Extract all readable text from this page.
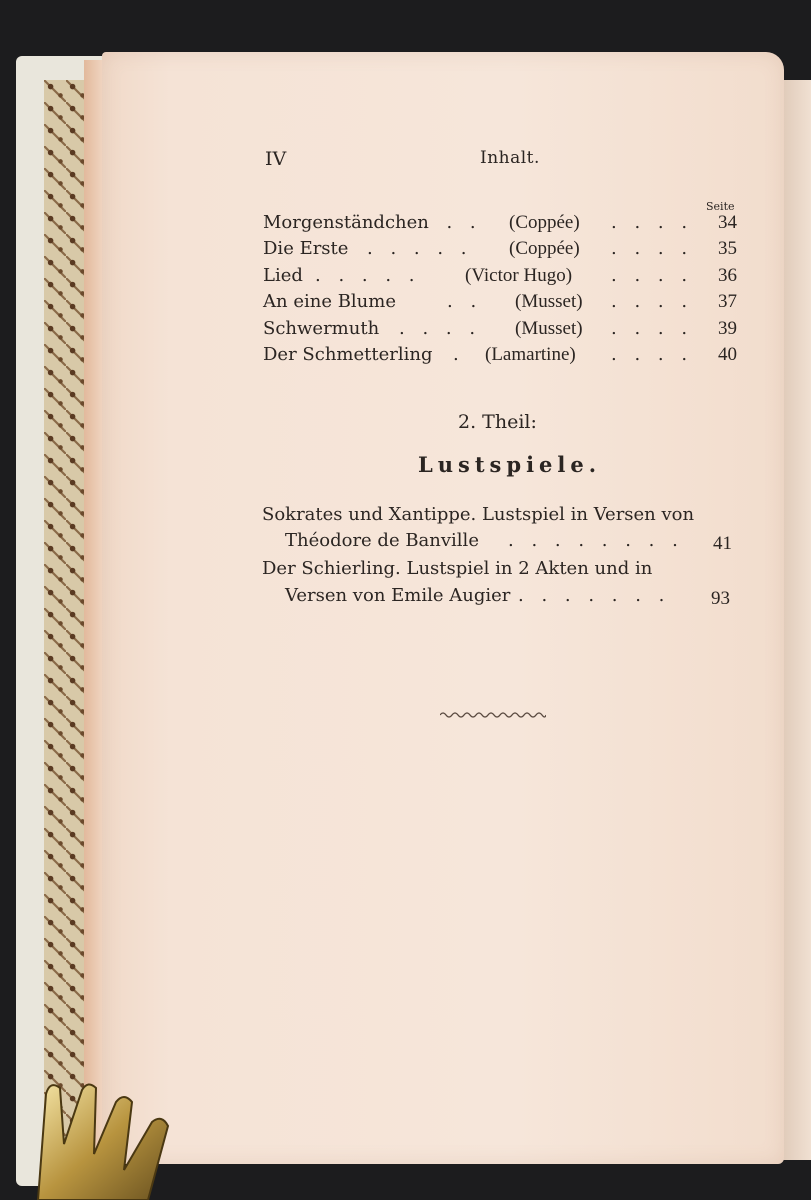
IV	Inhalt.
Seite
Morgenständchen
. . . (Coppée) . . . . 34
Die Erste . . . . . (Coppée) . . . . 35
Lied . . . . . (Victor Hugo) . . . . 36
An eine Blume	. . (Musset) . . . . 37
Schwermuth . . . . (Musset) . . . . 39
Der Schmetterling . (Lamartine) . . . . 40
2. Theil:
Lustspiele.
Sokrates und Xantippe. Lustspiel in Versen von
Théodore de Banville . . . . . . . . 41
Der Schierling. Lustspiel in 2 Akten und in
Versen von Emile Augier . . . . . . . 93
